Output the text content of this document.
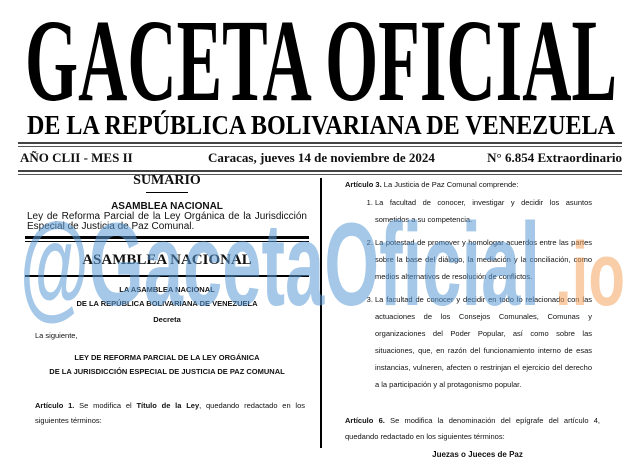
GACETA OFICIAL
DE LA REPÚBLICA BOLIVARIANA DE VENEZUELA
AÑO CLII - MES II	Caracas, jueves 14 de noviembre de 2024	N° 6.854 Extraordinario
SUMARIO
ASAMBLEA NACIONAL
Ley de Reforma Parcial de la Ley Orgánica de la Jurisdicción Especial de Justicia de Paz Comunal.
ASAMBLEA NACIONAL
LA ASAMBLEA NACIONAL
DE LA REPÚBLICA BOLIVARIANA DE VENEZUELA
Decreta
La siguiente,
LEY DE REFORMA PARCIAL DE LA LEY ORGÁNICA
DE LA JURISDICCIÓN ESPECIAL DE JUSTICIA DE PAZ COMUNAL
Artículo 1. Se modifica el Título de la Ley, quedando redactado en los siguientes términos:
Artículo 3. La Justicia de Paz Comunal comprende:
1. La facultad de conocer, investigar y decidir los asuntos sometidos a su competencia.
2. La potestad de promover y homologar acuerdos entre las partes sobre la base del diálogo, la mediación y la conciliación, como medios alternativos de resolución de conflictos.
3. La facultad de conocer y decidir en todo lo relacionado con las actuaciones de los Consejos Comunales, Comunas y organizaciones del Poder Popular, así como sobre las situaciones, que, en razón del funcionamiento interno de esas instancias, vulneren, afecten o restrinjan el ejercicio del derecho a la participación y al protagonismo popular.
Artículo 6. Se modifica la denominación del epígrafe del artículo 4, quedando redactado en los siguientes términos:
Juezas o Jueces de Paz
@GacetaOficial .io
